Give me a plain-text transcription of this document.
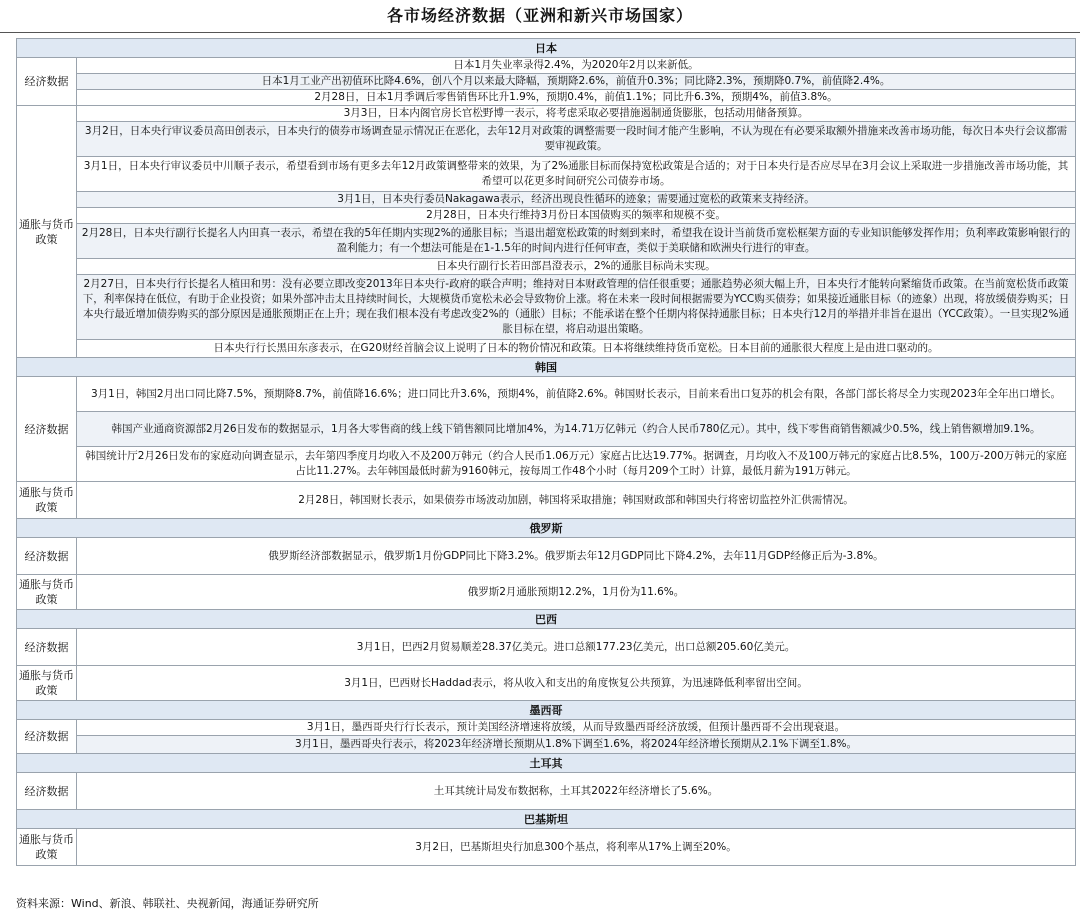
各市场经济数据（亚洲和新兴市场国家）
日本	
经济数据	日本1月失业率录得2.4%，为2020年2月以来新低。
	日本1月工业产出初值环比降4.6%，创八个月以来最大降幅，预期降2.6%，前值升0.3%；同比降2.3%，预期降0.7%，前值降2.4%。
	2月28日，日本1月季调后零售销售环比升1.9%，预期0.4%，前值1.1%；同比升6.3%，预期4%，前值3.8%。
通胀与货币政策	3月3日，日本内阁官房长官松野博一表示，将考虑采取必要措施遏制通货膨胀，包括动用储备预算。
	3月2日，日本央行审议委员高田创表示，日本央行的债券市场调查显示情况正在恶化，去年12月对政策的调整需要一段时间才能产生影响，不认为现在有必要采取额外措施来改善市场功能，每次日本央行会议都需要审视政策。
	3月1日，日本央行审议委员中川顺子表示，希望看到市场有更多去年12月政策调整带来的效果，为了2%通胀目标而保持宽松政策是合适的；对于日本央行是否应尽早在3月会议上采取进一步措施改善市场功能，其希望可以花更多时间研究公司债券市场。
	3月1日，日本央行委员Nakagawa表示，经济出现良性循环的迹象；需要通过宽松的政策来支持经济。
	2月28日，日本央行维持3月份日本国债购买的频率和规模不变。
	2月28日，日本央行副行长提名人内田真一表示，希望在我的5年任期内实现2%的通胀目标；当退出超宽松政策的时刻到来时，希望我在设计当前货币宽松框架方面的专业知识能够发挥作用；负利率政策影响银行的盈利能力；有一个想法可能是在1-1.5年的时间内进行任何审查，类似于美联储和欧洲央行进行的审查。
	日本央行副行长若田部昌澄表示，2%的通胀目标尚未实现。
	2月27日，日本央行行长提名人植田和男：没有必要立即改变2013年日本央行-政府的联合声明；维持对日本财政管理的信任很重要；通胀趋势必须大幅上升，日本央行才能转向紧缩货币政策。在当前宽松货币政策下，利率保持在低位，有助于企业投资；如果外部冲击太且持续时间长，大规模货币宽松未必会导致物价上涨。将在未来一段时间根据需要为YCC购买债券；如果接近通胀目标（的迹象）出现，将放缓债券购买；日本央行最近增加债券购买的部分原因是通胀预期正在上升；现在我们根本没有考虑改变2%的（通胀）目标；不能承诺在整个任期内将保持通胀目标；日本央行12月的举措并非旨在退出（YCC政策）。一旦实现2%通胀目标在望，将启动退出策略。
	日本央行行长黑田东彦表示，在G20财经首脑会议上说明了日本的物价情况和政策。日本将继续维持货币宽松。日本目前的通胀很大程度上是由进口驱动的。
韩国	
经济数据	3月1日，韩国2月出口同比降7.5%，预期降8.7%，前值降16.6%；进口同比升3.6%，预期4%，前值降2.6%。韩国财长表示，目前来看出口复苏的机会有限，各部门部长将尽全力实现2023年全年出口增长。
	韩国产业通商资源部2月26日发布的数据显示，1月各大零售商的线上线下销售额同比增加4%，为14.71万亿韩元（约合人民币780亿元）。其中，线下零售商销售额减少0.5%，线上销售额增加9.1%。
	韩国统计厅2月26日发布的家庭动向调查显示，去年第四季度月均收入不及200万韩元（约合人民币1.06万元）家庭占比达19.77%。据调查，月均收入不及100万韩元的家庭占比8.5%，100万-200万韩元的家庭占比11.27%。去年韩国最低时薪为9160韩元，按每周工作48个小时（每月209个工时）计算，最低月薪为191万韩元。
通胀与货币政策	2月28日，韩国财长表示，如果债券市场波动加剧，韩国将采取措施；韩国财政部和韩国央行将密切监控外汇供需情况。
俄罗斯	
经济数据	俄罗斯经济部数据显示，俄罗斯1月份GDP同比下降3.2%。俄罗斯去年12月GDP同比下降4.2%，去年11月GDP经修正后为-3.8%。
通胀与货币政策	俄罗斯2月通胀预期12.2%，1月份为11.6%。
巴西	
经济数据	3月1日，巴西2月贸易顺差28.37亿美元。进口总额177.23亿美元，出口总额205.60亿美元。
通胀与货币政策	3月1日，巴西财长Haddad表示，将从收入和支出的角度恢复公共预算，为迅速降低利率留出空间。
墨西哥	
经济数据	3月1日，墨西哥央行行长表示，预计美国经济增速将放缓，从而导致墨西哥经济放缓，但预计墨西哥不会出现衰退。
	3月1日，墨西哥央行表示，将2023年经济增长预期从1.8%下调至1.6%，将2024年经济增长预期从2.1%下调至1.8%。
土耳其	
经济数据	土耳其统计局发布数据称，土耳其2022年经济增长了5.6%。
巴基斯坦	
通胀与货币政策	3月2日，巴基斯坦央行加息300个基点，将利率从17%上调至20%。
资料来源：Wind、新浪、韩联社、央视新闻，海通证券研究所
